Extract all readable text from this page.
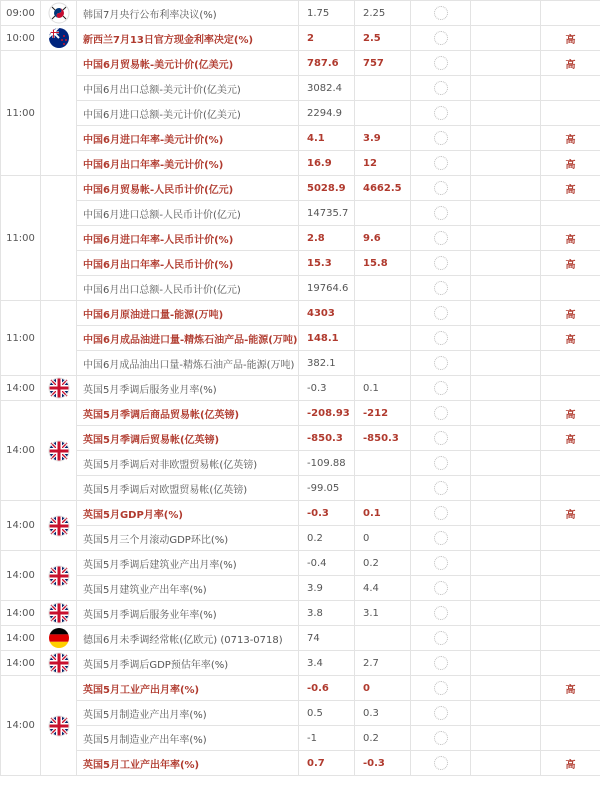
09:00		韩国7月央行公布利率决议(%)	1.75	2.25			
10:00		新西兰7月13日官方现金利率决定(%)	2	2.5			高
11:00		中国6月贸易帐-美元计价(亿美元)	787.6	757			高
		中国6月出口总额-美元计价(亿美元)	3082.4				
		中国6月进口总额-美元计价(亿美元)	2294.9				
		中国6月进口年率-美元计价(%)	4.1	3.9			高
		中国6月出口年率-美元计价(%)	16.9	12			高
11:00		中国6月贸易帐-人民币计价(亿元)	5028.9	4662.5			高
		中国6月进口总额-人民币计价(亿元)	14735.7				
		中国6月进口年率-人民币计价(%)	2.8	9.6			高
		中国6月出口年率-人民币计价(%)	15.3	15.8			高
		中国6月出口总额-人民币计价(亿元)	19764.6				
11:00		中国6月原油进口量-能源(万吨)	4303				高
		中国6月成品油进口量-精炼石油产品-能源(万吨)	148.1				高
		中国6月成品油出口量-精炼石油产品-能源(万吨)	382.1				
14:00		英国5月季调后服务业月率(%)	-0.3	0.1			
14:00		英国5月季调后商品贸易帐(亿英镑)	-208.93	-212			高
		英国5月季调后贸易帐(亿英镑)	-850.3	-850.3			高
		英国5月季调后对非欧盟贸易帐(亿英镑)	-109.88				
		英国5月季调后对欧盟贸易帐(亿英镑)	-99.05				
14:00		英国5月GDP月率(%)	-0.3	0.1			高
		英国5月三个月滚动GDP环比(%)	0.2	0			
14:00		英国5月季调后建筑业产出月率(%)	-0.4	0.2			
		英国5月建筑业产出年率(%)	3.9	4.4			
14:00		英国5月季调后服务业年率(%)	3.8	3.1			
14:00		德国6月未季调经常帐(亿欧元) (0713-0718)	74				
14:00		英国5月季调后GDP预估年率(%)	3.4	2.7			
14:00		英国5月工业产出月率(%)	-0.6	0			高
		英国5月制造业产出月率(%)	0.5	0.3			
		英国5月制造业产出年率(%)	-1	0.2			
		英国5月工业产出年率(%)	0.7	-0.3			高
